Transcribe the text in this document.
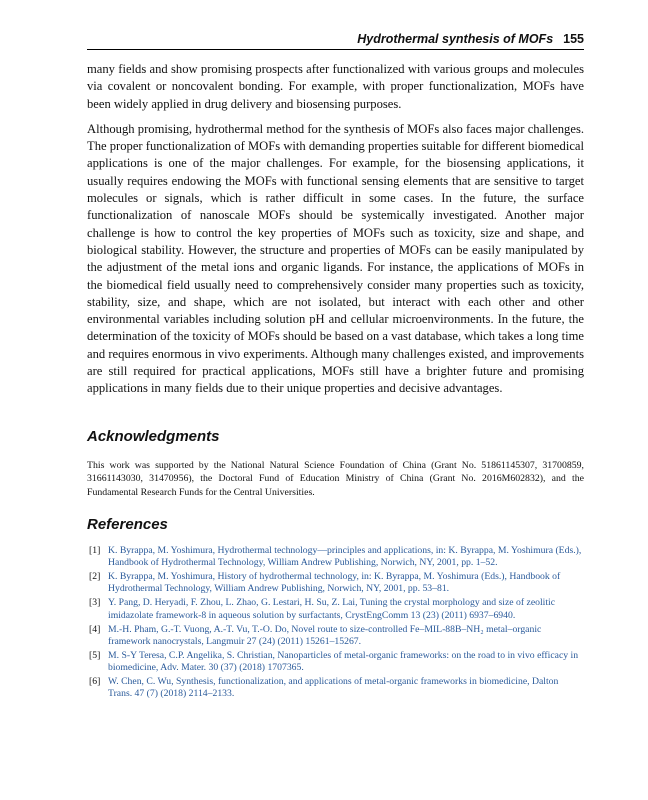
Hydrothermal synthesis of MOFs 155

many fields and show promising prospects after functionalized with various groups and molecules via covalent or noncovalent bonding. For example, with proper functionalization, MOFs have been widely applied in drug delivery and biosensing purposes.

Although promising, hydrothermal method for the synthesis of MOFs also faces major challenges. The proper functionalization of MOFs with demanding properties suitable for different biomedical applications is one of the major challenges. For example, for the biosensing applications, it usually requires endowing the MOFs with functional sensing elements that are sensitive to target molecules or signals, which is rather difficult in some cases. In the future, the surface functionalization of nanoscale MOFs should be systemically investigated. Another major challenge is how to control the key properties of MOFs such as toxicity, size and shape, and biological stability. However, the structure and properties of MOFs can be easily manipulated by the adjustment of the metal ions and organic ligands. For instance, the applications of MOFs in the biomedical field usually need to comprehensively consider many properties such as toxicity, stability, size, and shape, which are not isolated, but interact with each other and other environmental variables including solution pH and cellular microenvironments. In the future, the determination of the toxicity of MOFs should be based on a vast database, which takes a long time and requires enormous in vivo experiments. Although many challenges existed, and improvements are still required for practical applications, MOFs still have a brighter future and promising applications in many fields due to their unique properties and decisive advantages.

Acknowledgments

This work was supported by the National Natural Science Foundation of China (Grant No. 51861145307, 31700859, 31661143030, 31470956), the Doctoral Fund of Education Ministry of China (Grant No. 2016M602832), and the Fundamental Research Funds for the Central Universities.

References
[1] K. Byrappa, M. Yoshimura, Hydrothermal technology—principles and applications, in: K. Byrappa, M. Yoshimura (Eds.), Handbook of Hydrothermal Technology, William Andrew Publishing, Norwich, NY, 2001, pp. 1–52.
[2] K. Byrappa, M. Yoshimura, History of hydrothermal technology, in: K. Byrappa, M. Yoshimura (Eds.), Handbook of Hydrothermal Technology, William Andrew Publishing, Norwich, NY, 2001, pp. 53–81.
[3] Y. Pang, D. Heryadi, F. Zhou, L. Zhao, G. Lestari, H. Su, Z. Lai, Tuning the crystal morphology and size of zeolitic imidazolate framework-8 in aqueous solution by surfactants, CrystEngComm 13 (23) (2011) 6937–6940.
[4] M.-H. Pham, G.-T. Vuong, A.-T. Vu, T.-O. Do, Novel route to size-controlled Fe–MIL-88B–NH₂ metal–organic framework nanocrystals, Langmuir 27 (24) (2011) 15261–15267.
[5] M. S-Y Teresa, C.P. Angelika, S. Christian, Nanoparticles of metal-organic frameworks: on the road to in vivo efficacy in biomedicine, Adv. Mater. 30 (37) (2018) 1707365.
[6] W. Chen, C. Wu, Synthesis, functionalization, and applications of metal-organic frameworks in biomedicine, Dalton Trans. 47 (7) (2018) 2114–2133.
